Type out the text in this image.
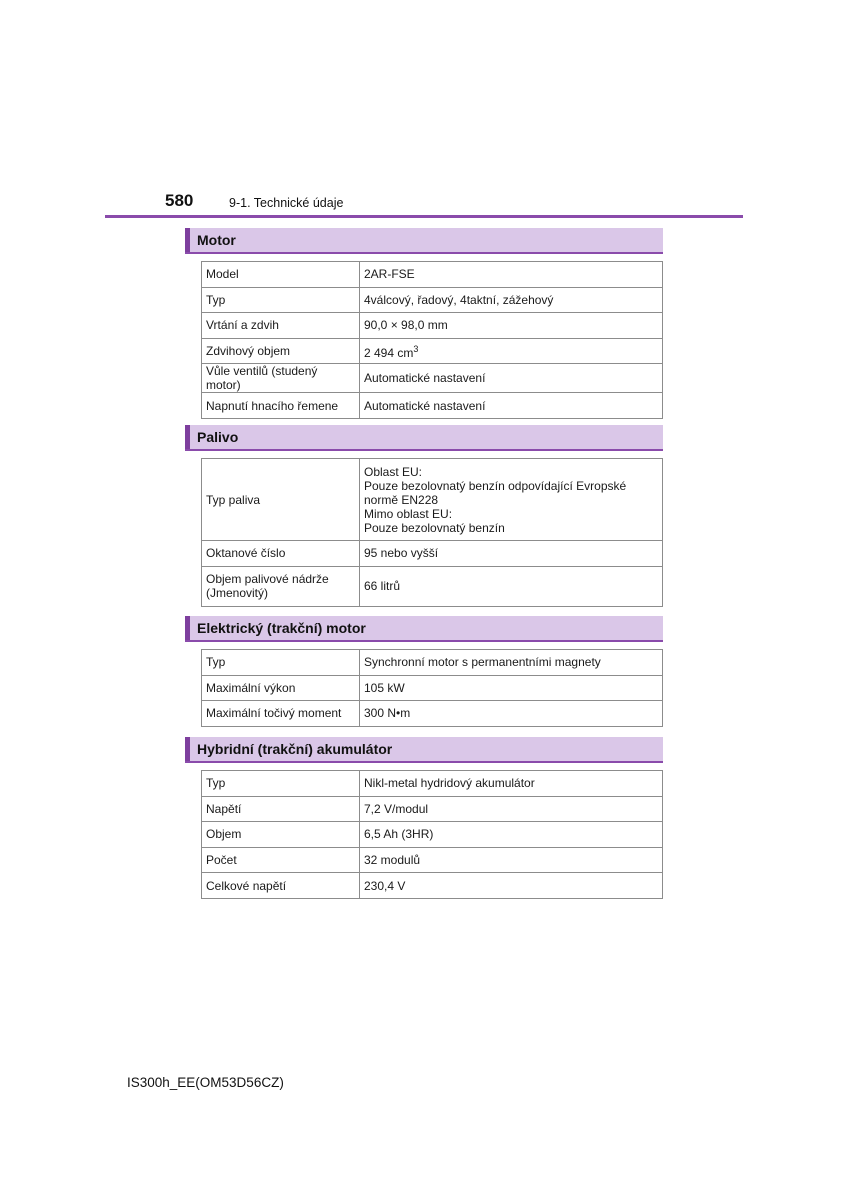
580	9-1. Technické údaje
Motor
Model	2AR-FSE
Typ	4válcový, řadový, 4taktní, zážehový
Vrtání a zdvih	90,0 × 98,0 mm
Zdvihový objem	2 494 $cm^3$
Vůle ventilů (studený motor)	Automatické nastavení
Napnutí hnacího řemene	Automatické nastavení
Palivo
Typ paliva	Oblast EU:
Pouze bezolovnatý benzín odpovídající Evropské normě EN228
Mimo oblast EU:
Pouze bezolovnatý benzín
Oktanové číslo	95 nebo vyšší
Objem palivové nádrže (Jmenovitý)	66 litrů
Elektrický (trakční) motor
Typ	Synchronní motor s permanentními magnety
Maximální výkon	105 kW
Maximální točivý moment	300 N•m
Hybridní (trakční) akumulátor
Typ	Nikl-metal hydridový akumulátor
Napětí	7,2 V/modul
Objem	6,5 Ah (3HR)
Počet	32 modulů
Celkové napětí	230,4 V
IS300h_EE(OM53D56CZ)
